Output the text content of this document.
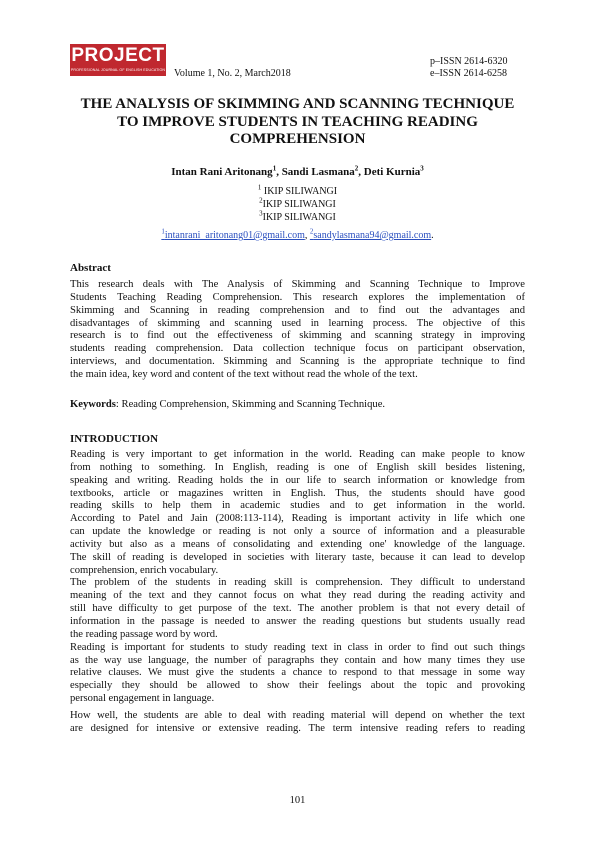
PROJECT
PROFESSIONAL JOURNAL OF ENGLISH EDUCATION Volume 1, No. 2, March2018
p–ISSN 2614-6320
e–ISSN 2614-6258
THE ANALYSIS OF SKIMMING AND SCANNING TECHNIQUE TO IMPROVE STUDENTS IN TEACHING READING COMPREHENSION
Intan Rani Aritonang$^1$, Sandi Lasmana$^2$, Deti Kurnia$^3$
$^1$ IKIP SILIWANGI
$^2$IKIP SILIWANGI
$^3$IKIP SILIWANGI
$^1$intanrani_aritonang01@gmail.com, $^2$sandylasmana94@gmail.com.
Abstract
This research deals with The Analysis of Skimming and Scanning Technique to Improve
Students Teaching Reading Comprehension. This research explores the implementation of
Skimming and Scanning in reading comprehension and to find out the advantages and
disadvantages of skimming and scanning used in learning process. The objective of this
research is to find out the effectiveness of skimming and scanning strategy in improving
students reading comprehension. Data collection technique focus on participant observation,
interviews, and documentation. Skimming and Scanning is the appropriate technique to find
the main idea, key word and content of the text without read the whole of the text.
Keywords: Reading Comprehension, Skimming and Scanning Technique.
INTRODUCTION
Reading is very important to get information in the world. Reading can make people to know
from nothing to something. In English, reading is one of English skill besides listening,
speaking and writing. Reading holds the in our life to search information or knowledge from
textbooks, article or magazines written in English. Thus, the students should have good
reading skills to help them in academic studies and to get information in the world.
According to Patel and Jain (2008:113-114), Reading is important activity in life which one
can update the knowledge or reading is not only a source of information and a pleasurable
activity but also as a means of consolidating and extending one' knowledge of the language.
The skill of reading is developed in societies with literary taste, because it can lead to develop
comprehension, enrich vocabulary.
The problem of the students in reading skill is comprehension. They difficult to understand
meaning of the text and they cannot focus on what they read during the reading activity and
still have difficulty to get purpose of the text. The another problem is that not every detail of
information in the passage is needed to answer the reading questions but students usually read
the reading passage word by word.
Reading is important for students to study reading text in class in order to find out such things
as the way use language, the number of paragraphs they contain and how many times they use
relative clauses. We must give the students a chance to respond to that message in some way
especially they should be allowed to show their feelings about the topic and provoking
personal engagement in language.
How well, the students are able to deal with reading material will depend on whether the text
are designed for intensive or extensive reading. The term intensive reading refers to reading
101
